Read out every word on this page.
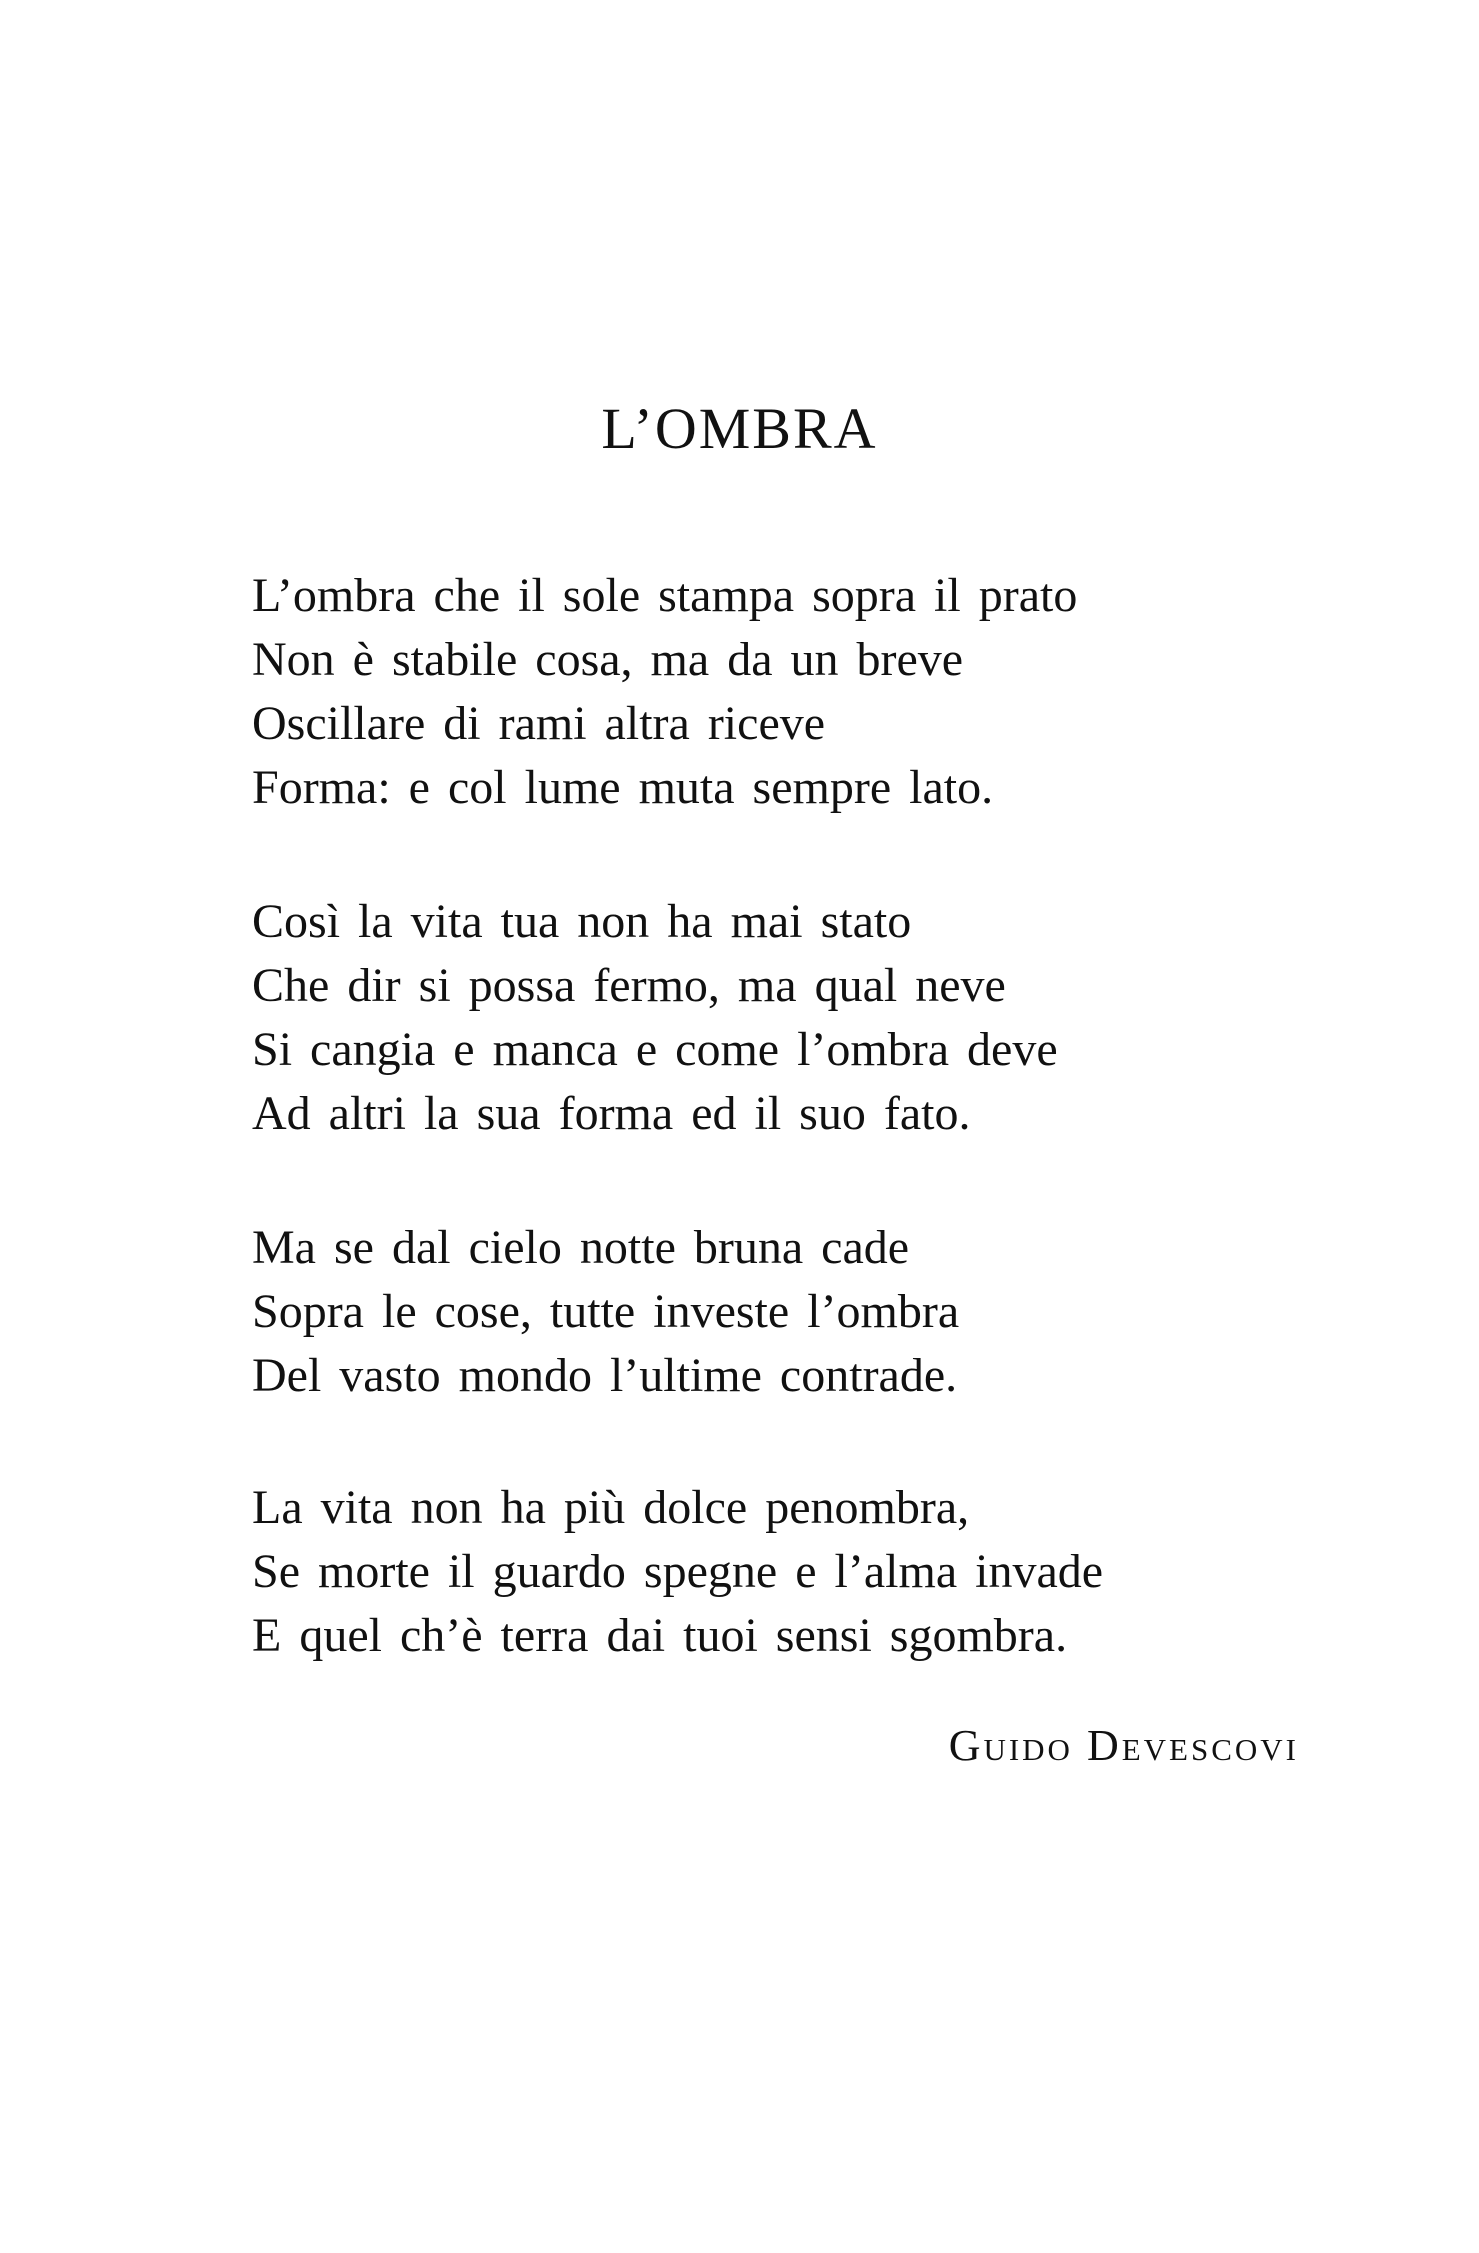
L’OMBRA
L’ombra che il sole stampa sopra il prato
Non è stabile cosa, ma da un breve
Oscillare di rami altra riceve
Forma: e col lume muta sempre lato.
Così la vita tua non ha mai stato
Che dir si possa fermo, ma qual neve
Si cangia e manca e come l’ombra deve
Ad altri la sua forma ed il suo fato.
Ma se dal cielo notte bruna cade
Sopra le cose, tutte investe l’ombra
Del vasto mondo l’ultime contrade.
La vita non ha più dolce penombra,
Se morte il guardo spegne e l’alma invade
E quel ch’è terra dai tuoi sensi sgombra.
Guido Devescovi
